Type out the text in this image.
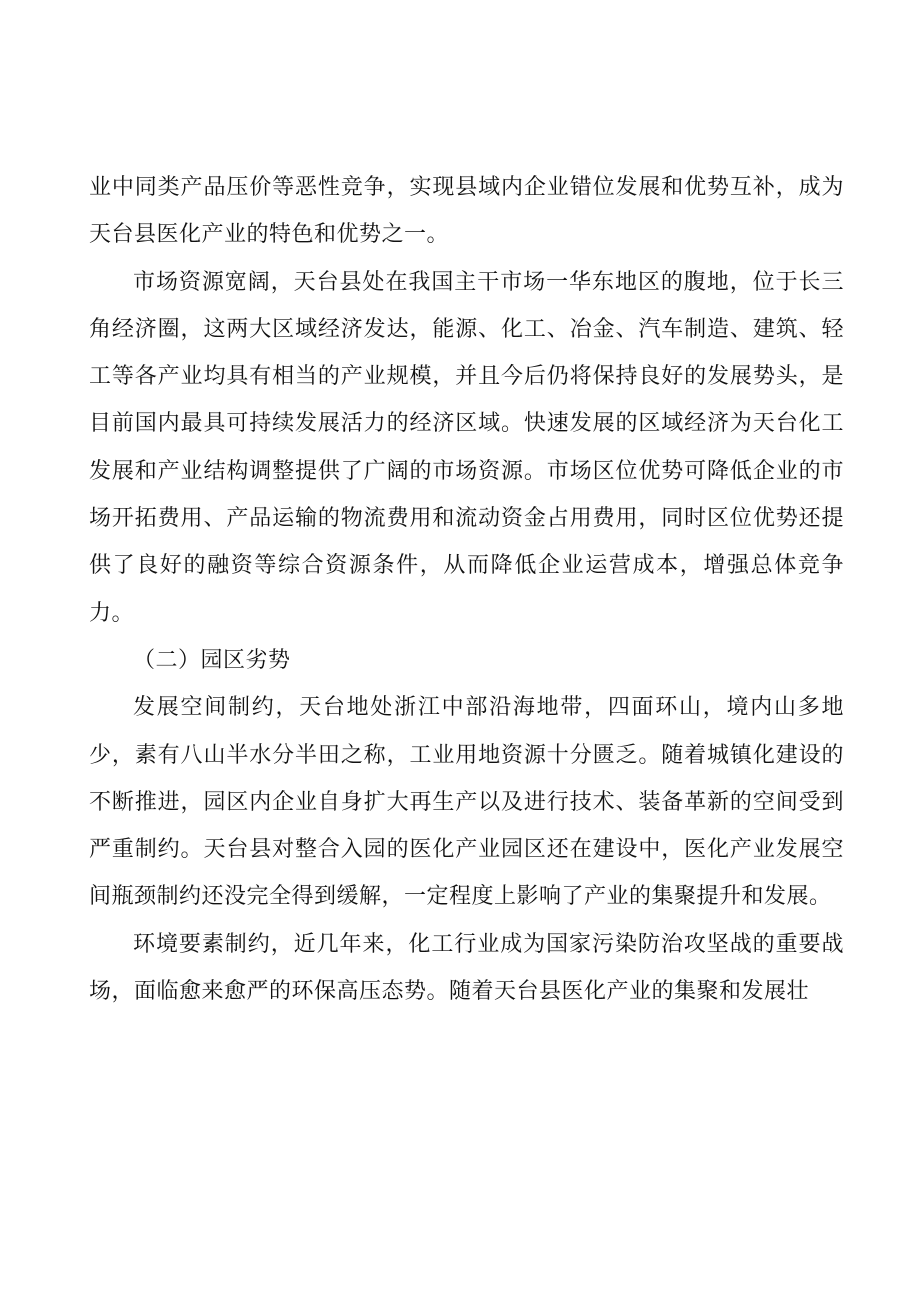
业中同类产品压价等恶性竞争，实现县域内企业错位发展和优势互补，成为天台县医化产业的特色和优势之一。

市场资源宽阔，天台县处在我国主干市场一华东地区的腹地，位于长三角经济圈，这两大区域经济发达，能源、化工、冶金、汽车制造、建筑、轻工等各产业均具有相当的产业规模，并且今后仍将保持良好的发展势头，是目前国内最具可持续发展活力的经济区域。快速发展的区域经济为天台化工发展和产业结构调整提供了广阔的市场资源。市场区位优势可降低企业的市场开拓费用、产品运输的物流费用和流动资金占用费用，同时区位优势还提供了良好的融资等综合资源条件，从而降低企业运营成本，增强总体竞争力。

（二）园区劣势

发展空间制约，天台地处浙江中部沿海地带，四面环山，境内山多地少，素有八山半水分半田之称，工业用地资源十分匮乏。随着城镇化建设的不断推进，园区内企业自身扩大再生产以及进行技术、装备革新的空间受到严重制约。天台县对整合入园的医化产业园区还在建设中，医化产业发展空间瓶颈制约还没完全得到缓解，一定程度上影响了产业的集聚提升和发展。

环境要素制约，近几年来，化工行业成为国家污染防治攻坚战的重要战场，面临愈来愈严的环保高压态势。随着天台县医化产业的集聚和发展壮
